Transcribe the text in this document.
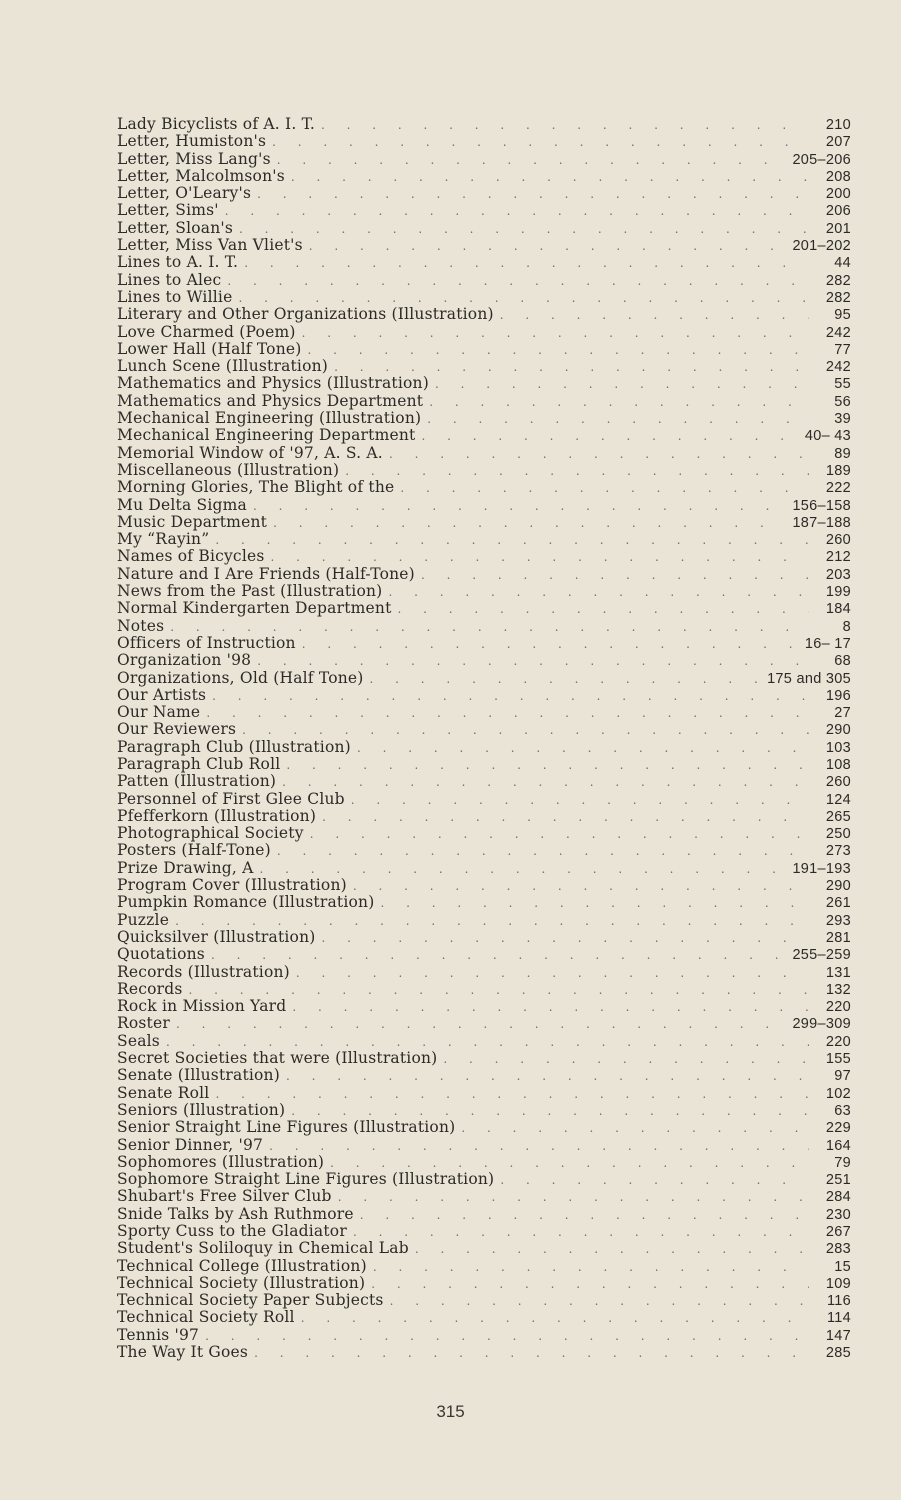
Lady Bicyclists of A. I. T. . . .	210
Letter, Humiston's . . .	207
Letter, Miss Lang's . . .	205–206
Letter, Malcolmson's . . .	208
Letter, O'Leary's . . .	200
Letter, Sims' . . .	206
Letter, Sloan's . . .	201
Letter, Miss Van Vliet's . . .	201–202
Lines to A. I. T. . . .	44
Lines to Alec . . .	282
Lines to Willie . . .	282
Literary and Other Organizations (Illustration) . . .	95
Love Charmed (Poem) . . .	242
Lower Hall (Half Tone) . . .	77
Lunch Scene (Illustration) . . .	242
Mathematics and Physics (Illustration) . . .	55
Mathematics and Physics Department . . .	56
Mechanical Engineering (Illustration) . . .	39
Mechanical Engineering Department . . .	40– 43
Memorial Window of '97, A. S. A. . . .	89
Miscellaneous (Illustration) . . .	189
Morning Glories, The Blight of the . . .	222
Mu Delta Sigma . . .	156–158
Music Department . . .	187–188
My “Rayin” . . .	260
Names of Bicycles . . .	212
Nature and I Are Friends (Half-Tone) . . .	203
News from the Past (Illustration) . . .	199
Normal Kindergarten Department . . .	184
Notes . . .	8
Officers of Instruction . . .	16– 17
Organization '98 . . .	68
Organizations, Old (Half Tone) . . .	175 and 305
Our Artists . . .	196
Our Name . . .	27
Our Reviewers . . .	290
Paragraph Club (Illustration) . . .	103
Paragraph Club Roll . . .	108
Patten (Illustration) . . .	260
Personnel of First Glee Club . . .	124
Pfefferkorn (Illustration) . . .	265
Photographical Society . . .	250
Posters (Half-Tone) . . .	273
Prize Drawing, A . . .	191–193
Program Cover (Illustration) . . .	290
Pumpkin Romance (Illustration) . . .	261
Puzzle . . .	293
Quicksilver (Illustration) . . .	281
Quotations . . .	255–259
Records (Illustration) . . .	131
Records . . .	132
Rock in Mission Yard . . .	220
Roster . . .	299–309
Seals . . .	220
Secret Societies that were (Illustration) . . .	155
Senate (Illustration) . . .	97
Senate Roll . . .	102
Seniors (Illustration) . . .	63
Senior Straight Line Figures (Illustration) . . .	229
Senior Dinner, '97 . . .	164
Sophomores (Illustration) . . .	79
Sophomore Straight Line Figures (Illustration) . . .	251
Shubart's Free Silver Club . . .	284
Snide Talks by Ash Ruthmore . . .	230
Sporty Cuss to the Gladiator . . .	267
Student's Soliloquy in Chemical Lab . . .	283
Technical College (Illustration) . . .	15
Technical Society (Illustration) . . .	109
Technical Society Paper Subjects . . .	116
Technical Society Roll . . .	114
Tennis '97 . . .	147
The Way It Goes . . .	285
315
